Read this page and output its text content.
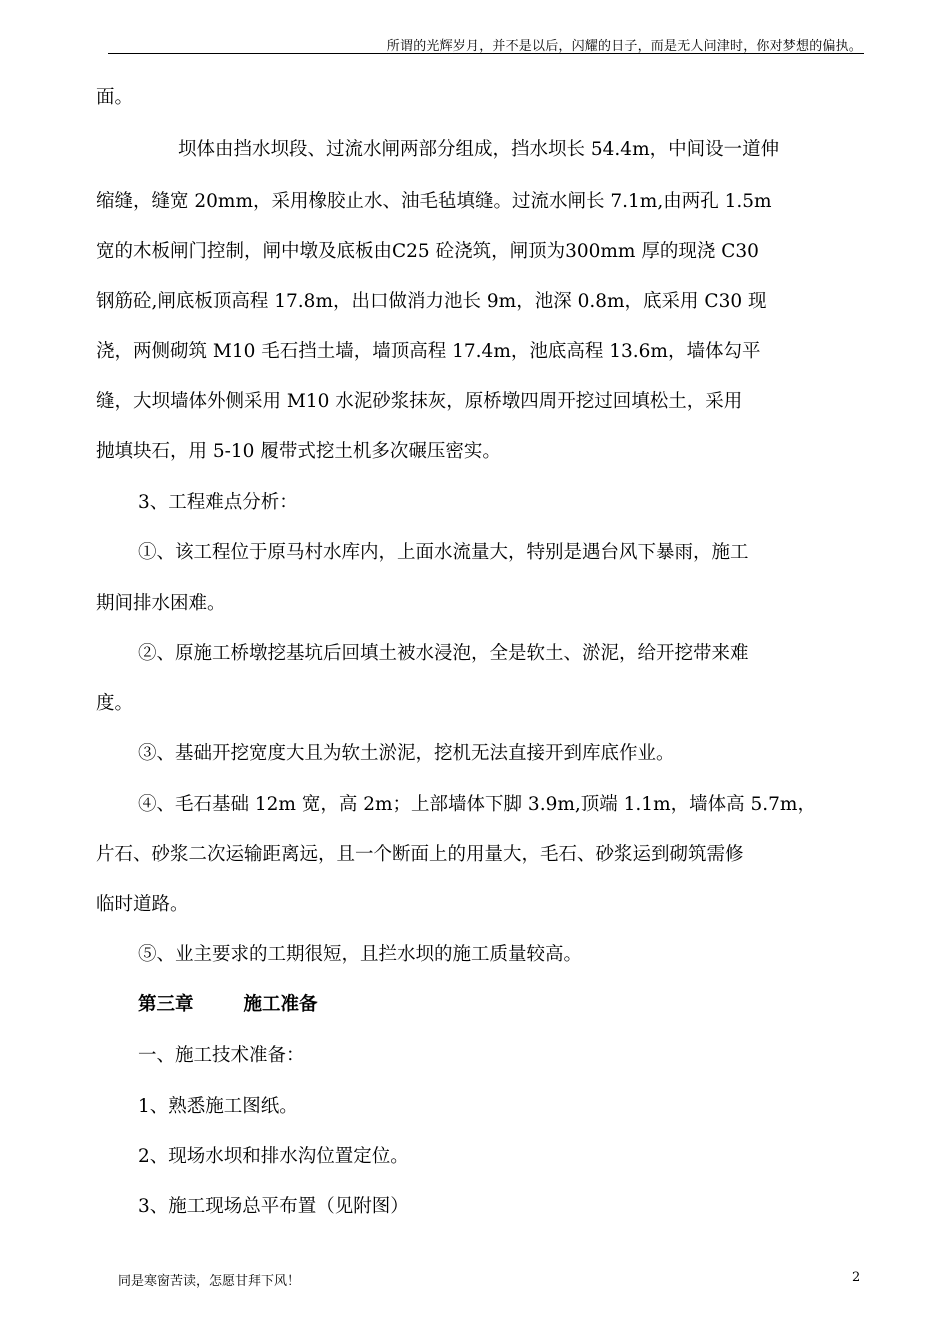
所谓的光辉岁月，并不是以后，闪耀的日子，而是无人问津时，你对梦想的偏执。

面。

坝体由挡水坝段、过流水闸两部分组成，挡水坝长 54.4m，中间设一道伸

缩缝，缝宽 20mm，采用橡胶止水、油毛毡填缝。过流水闸长 7.1m,由两孔 1.5m

宽的木板闸门控制，闸中墩及底板由C25 砼浇筑，闸顶为300mm 厚的现浇 C30

钢筋砼,闸底板顶高程 17.8m，出口做消力池长 9m，池深 0.8m，底采用 C30 现

浇，两侧砌筑 M10 毛石挡土墙，墙顶高程 17.4m，池底高程 13.6m，墙体勾平

缝，大坝墙体外侧采用 M10 水泥砂浆抹灰，原桥墩四周开挖过回填松土，采用

抛填块石，用 5-10 履带式挖土机多次碾压密实。

3、工程难点分析：

①、该工程位于原马村水库内，上面水流量大，特别是遇台风下暴雨，施工

期间排水困难。

②、原施工桥墩挖基坑后回填土被水浸泡，全是软土、淤泥，给开挖带来难

度。

③、基础开挖宽度大且为软土淤泥，挖机无法直接开到库底作业。

④、毛石基础 12m 宽，高 2m；上部墙体下脚 3.9m,顶端 1.1m，墙体高 5.7m，

片石、砂浆二次运输距离远，且一个断面上的用量大，毛石、砂浆运到砌筑需修

临时道路。

⑤、业主要求的工期很短，且拦水坝的施工质量较高。

第三章	施工准备

一、施工技术准备：

1、熟悉施工图纸。

2、现场水坝和排水沟位置定位。

3、施工现场总平布置（见附图）

同是寒窗苦读，怎愿甘拜下风！	2
